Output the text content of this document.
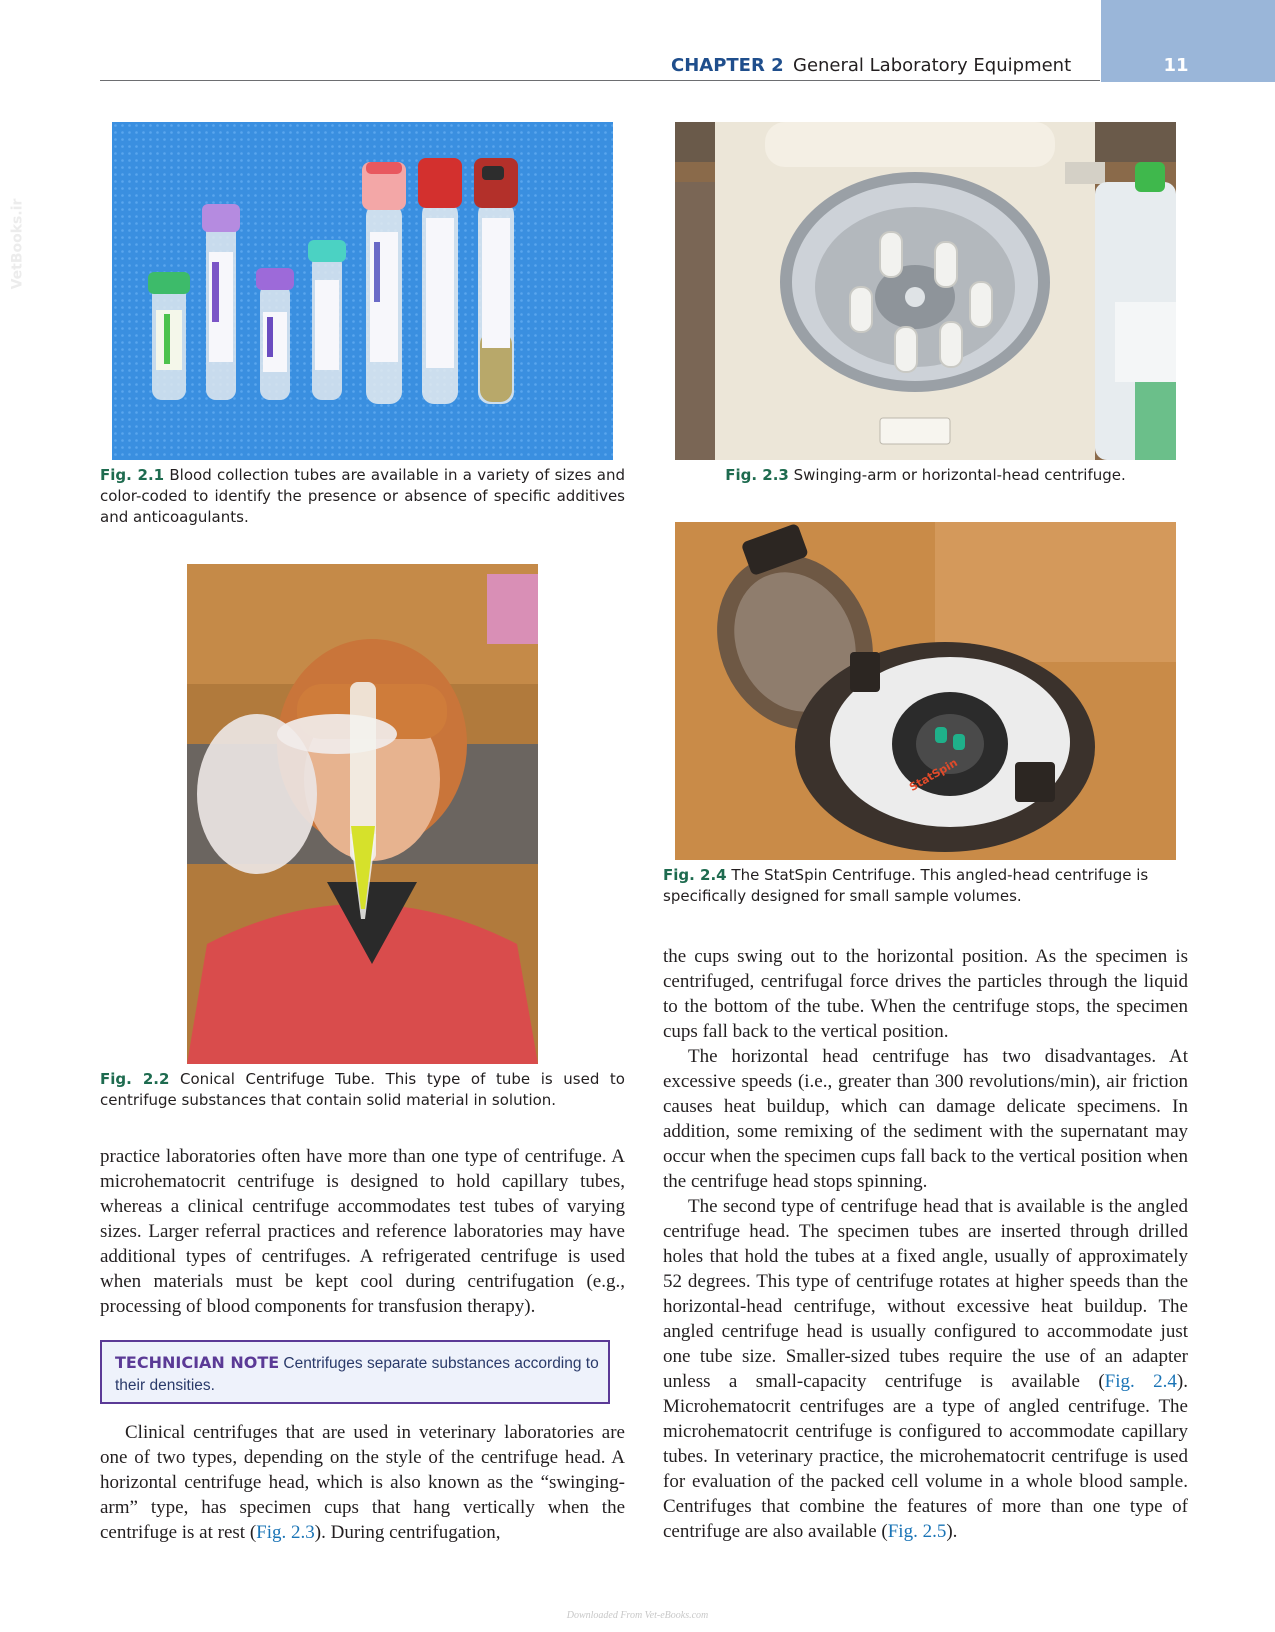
CHAPTER 2 General Laboratory Equipment	11
VetBooks.ir
Fig. 2.1 Blood collection tubes are available in a variety of sizes and color-coded to identify the presence or absence of specific additives and anticoagulants.
Fig. 2.3 Swinging-arm or horizontal-head centrifuge.
Fig. 2.2 Conical Centrifuge Tube. This type of tube is used to centrifuge substances that contain solid material in solution.
StatSpin
Fig. 2.4 The StatSpin Centrifuge. This angled-head centrifuge is specifically designed for small sample volumes.
practice laboratories often have more than one type of centrifuge. A microhematocrit centrifuge is designed to hold capillary tubes, whereas a clinical centrifuge accommodates test tubes of varying sizes. Larger referral practices and reference laboratories may have additional types of centrifuges. A refrigerated centrifuge is used when materials must be kept cool during centrifugation (e.g., processing of blood components for transfusion therapy).
TECHNICIAN NOTE Centrifuges separate substances according to their densities.
Clinical centrifuges that are used in veterinary laboratories are one of two types, depending on the style of the centrifuge head. A horizontal centrifuge head, which is also known as the “swinging-arm” type, has specimen cups that hang vertically when the centrifuge is at rest (Fig. 2.3). During centrifugation,
the cups swing out to the horizontal position. As the specimen is centrifuged, centrifugal force drives the particles through the liquid to the bottom of the tube. When the centrifuge stops, the specimen cups fall back to the vertical position.
The horizontal head centrifuge has two disadvantages. At excessive speeds (i.e., greater than 300 revolutions/min), air friction causes heat buildup, which can damage delicate specimens. In addition, some remixing of the sediment with the supernatant may occur when the specimen cups fall back to the vertical position when the centrifuge head stops spinning.
The second type of centrifuge head that is available is the angled centrifuge head. The specimen tubes are inserted through drilled holes that hold the tubes at a fixed angle, usually of approximately 52 degrees. This type of centrifuge rotates at higher speeds than the horizontal-head centrifuge, without excessive heat buildup. The angled centrifuge head is usually configured to accommodate just one tube size. Smaller-sized tubes require the use of an adapter unless a small-capacity centrifuge is available (Fig. 2.4). Microhematocrit centrifuges are a type of angled centrifuge. The microhematocrit centrifuge is configured to accommodate capillary tubes. In veterinary practice, the microhematocrit centrifuge is used for evaluation of the packed cell volume in a whole blood sample. Centrifuges that combine the features of more than one type of centrifuge are also available (Fig. 2.5).
Downloaded From Vet-eBooks.com
